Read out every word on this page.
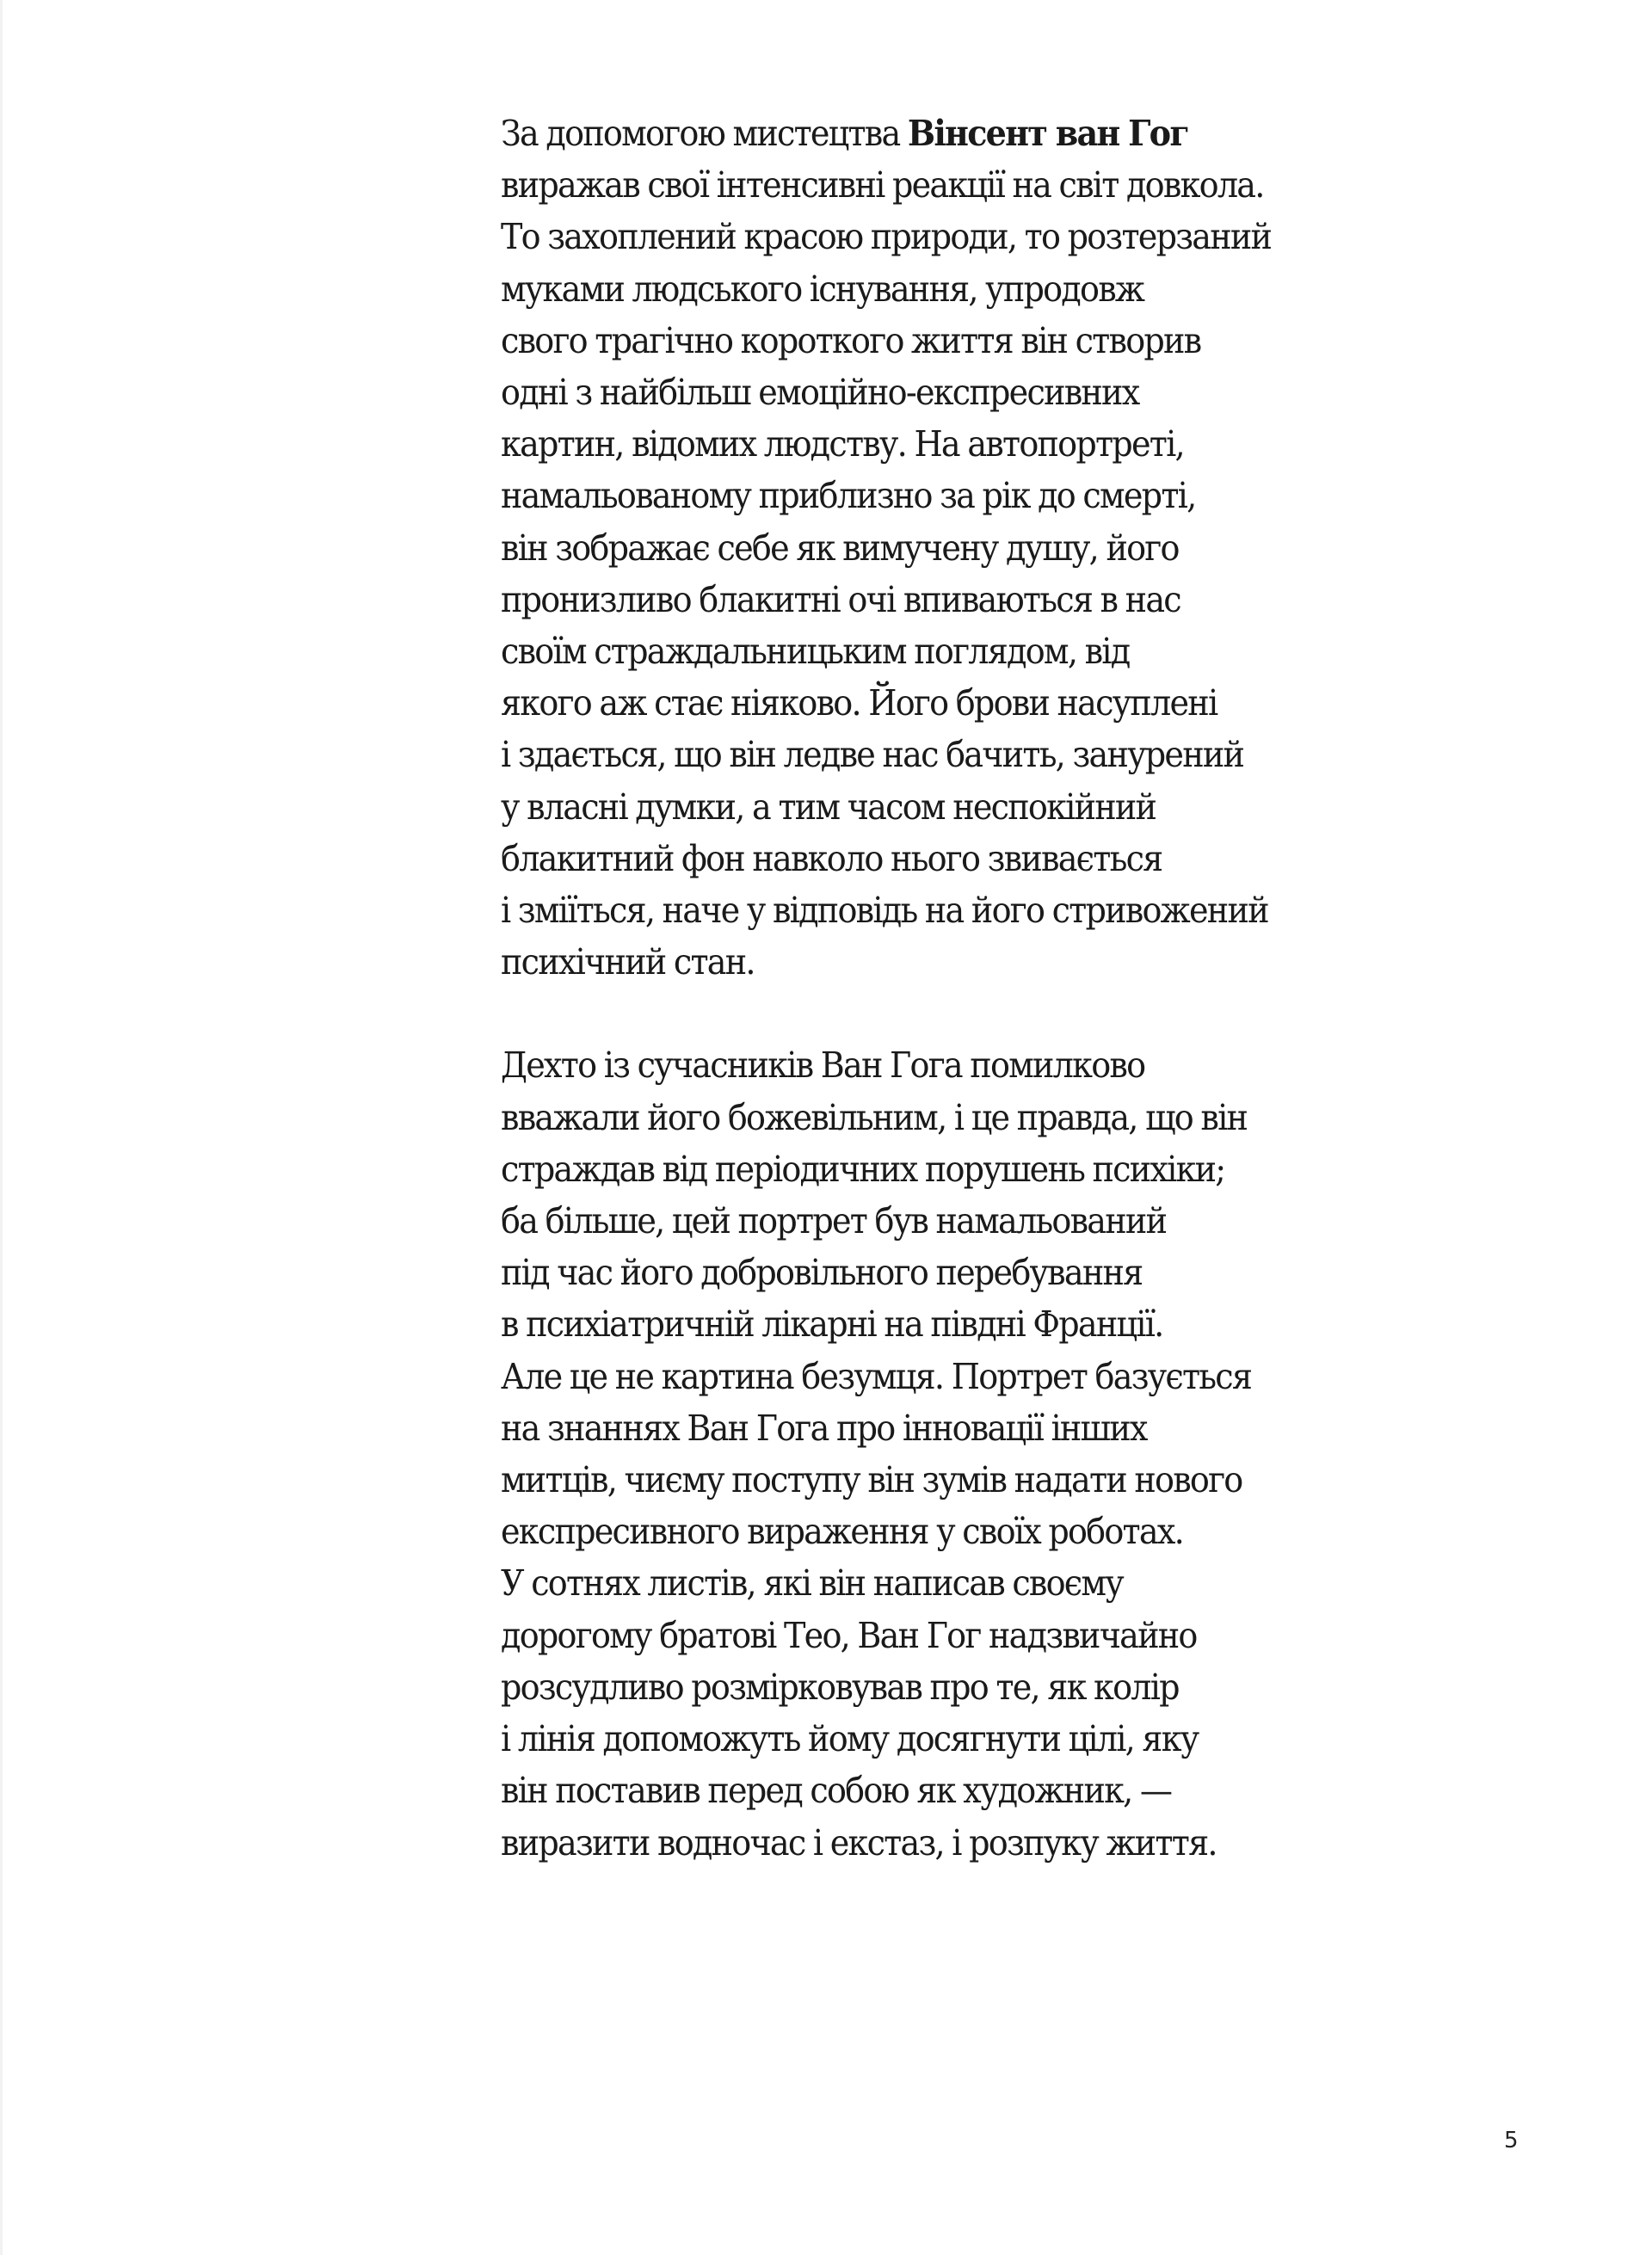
За допомогою мистецтва Вінсент ван Гог
виражав свої інтенсивні реакції на світ довкола.
То захоплений красою природи, то розтерзаний
муками людського існування, упродовж
свого трагічно короткого життя він створив
одні з найбільш емоційно-експресивних
картин, відомих людству. На автопортреті,
намальованому приблизно за рік до смерті,
він зображає себе як вимучену душу, його
пронизливо блакитні очі впиваються в нас
своїм страждальницьким поглядом, від
якого аж стає ніяково. Його брови насуплені
і здається, що він ледве нас бачить, занурений
у власні думки, а тим часом неспокійний
блакитний фон навколо нього звивається
і зміїться, наче у відповідь на його стривожений
психічний стан.

Дехто із сучасників Ван Гога помилково
вважали його божевільним, і це правда, що він
страждав від періодичних порушень психіки;
ба більше, цей портрет був намальований
під час його добровільного перебування
в психіатричній лікарні на півдні Франції.
Але це не картина безумця. Портрет базується
на знаннях Ван Гога про інновації інших
митців, чиєму поступу він зумів надати нового
експресивного вираження у своїх роботах.
У сотнях листів, які він написав своєму
дорогому братові Тео, Ван Гог надзвичайно
розсудливо розмірковував про те, як колір
і лінія допоможуть йому досягнути цілі, яку
він поставив перед собою як художник, —
виразити водночас і екстаз, і розпуку життя.

5
